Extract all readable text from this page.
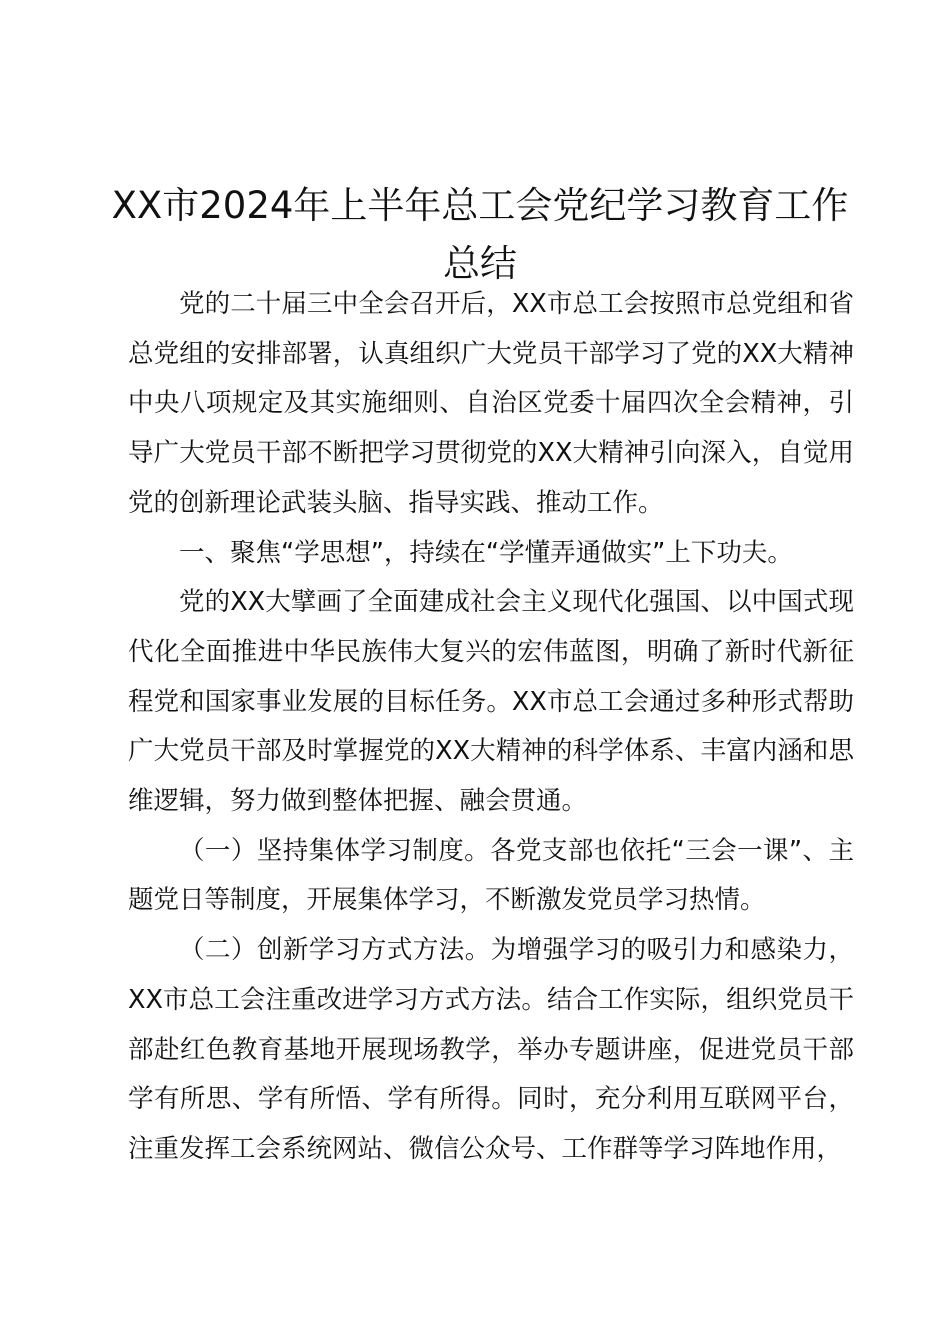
XX市2024年上半年总工会党纪学习教育工作总结

党的二十届三中全会召开后，XX市总工会按照市总党组和省总党组的安排部署，认真组织广大党员干部学习了党的XX大精神中央八项规定及其实施细则、自治区党委十届四次全会精神，引导广大党员干部不断把学习贯彻党的XX大精神引向深入，自觉用党的创新理论武装头脑、指导实践、推动工作。

一、聚焦“学思想”，持续在“学懂弄通做实”上下功夫。

党的XX大擘画了全面建成社会主义现代化强国、以中国式现代化全面推进中华民族伟大复兴的宏伟蓝图，明确了新时代新征程党和国家事业发展的目标任务。XX市总工会通过多种形式帮助广大党员干部及时掌握党的XX大精神的科学体系、丰富内涵和思维逻辑，努力做到整体把握、融会贯通。

（一）坚持集体学习制度。各党支部也依托“三会一课”、主题党日等制度，开展集体学习，不断激发党员学习热情。

（二）创新学习方式方法。为增强学习的吸引力和感染力，XX市总工会注重改进学习方式方法。结合工作实际，组织党员干部赴红色教育基地开展现场教学，举办专题讲座，促进党员干部学有所思、学有所悟、学有所得。同时，充分利用互联网平台，注重发挥工会系统网站、微信公众号、工作群等学习阵地作用，
